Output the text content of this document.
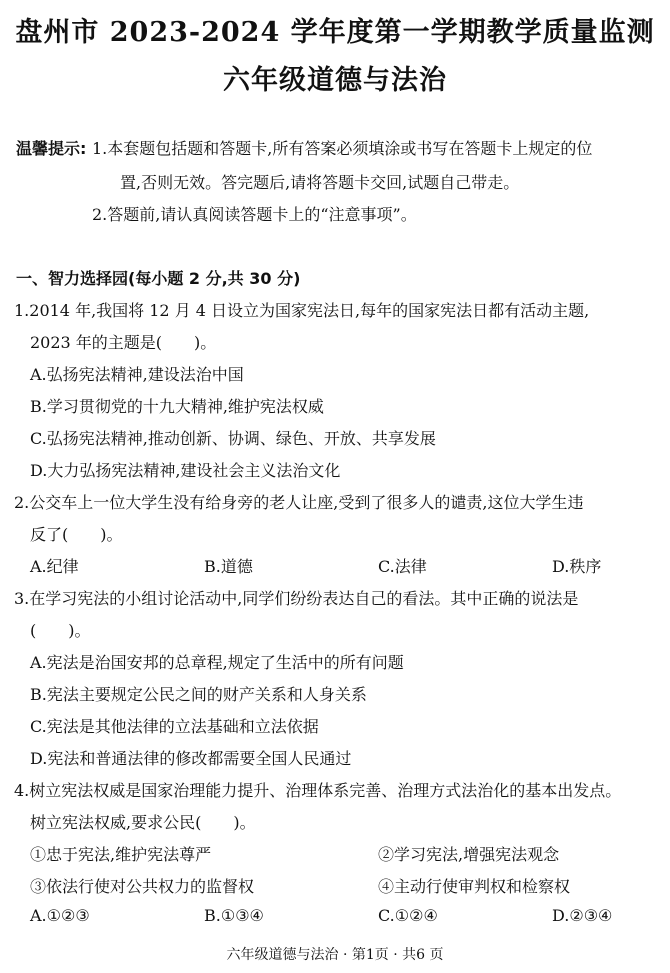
盘州市 2023-2024 学年度第一学期教学质量监测
六年级道德与法治
温馨提示: 1.本套题包括题和答题卡,所有答案必须填涂或书写在答题卡上规定的位
置,否则无效。答完题后,请将答题卡交回,试题自己带走。
2.答题前,请认真阅读答题卡上的“注意事项”。
一、智力选择园(每小题 2 分,共 30 分)
1.2014 年,我国将 12 月 4 日设立为国家宪法日,每年的国家宪法日都有活动主题,
2023 年的主题是(　　)。
A.弘扬宪法精神,建设法治中国
B.学习贯彻党的十九大精神,维护宪法权威
C.弘扬宪法精神,推动创新、协调、绿色、开放、共享发展
D.大力弘扬宪法精神,建设社会主义法治文化
2.公交车上一位大学生没有给身旁的老人让座,受到了很多人的谴责,这位大学生违
反了(　　)。
A.纪律	B.道德	C.法律	D.秩序
3.在学习宪法的小组讨论活动中,同学们纷纷表达自己的看法。其中正确的说法是
(　　)。
A.宪法是治国安邦的总章程,规定了生活中的所有问题
B.宪法主要规定公民之间的财产关系和人身关系
C.宪法是其他法律的立法基础和立法依据
D.宪法和普通法律的修改都需要全国人民通过
4.树立宪法权威是国家治理能力提升、治理体系完善、治理方式法治化的基本出发点。
树立宪法权威,要求公民(　　)。
①忠于宪法,维护宪法尊严	②学习宪法,增强宪法观念
③依法行使对公共权力的监督权	④主动行使审判权和检察权
A.①②③	B.①③④	C.①②④	D.②③④
六年级道德与法治 · 第1页 · 共6 页
